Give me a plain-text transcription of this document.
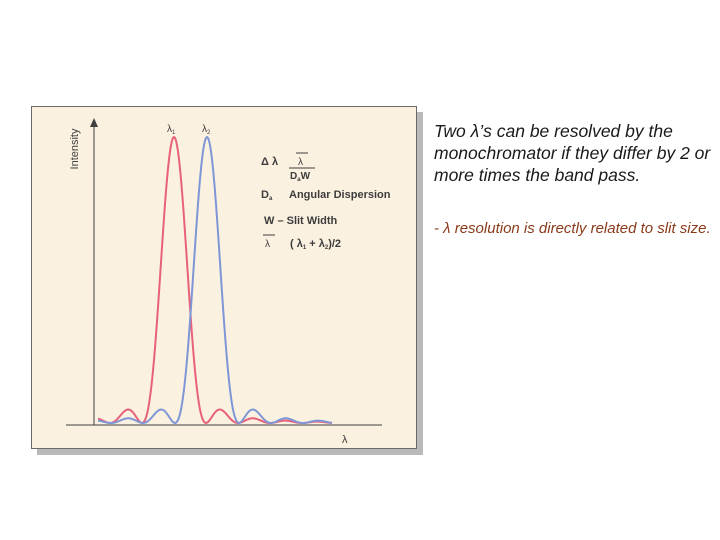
Intensity
λ
$\lambda_1$	$\lambda_2$
Δ λ λ
$D_aW$
Da Angular Dispersion
W – Slit Width
λ ( λ1 + λ2)/2

Two λ’s can be resolved by the monochromator if they differ by 2 or more times the band pass.

- λ resolution is directly related to slit size.
